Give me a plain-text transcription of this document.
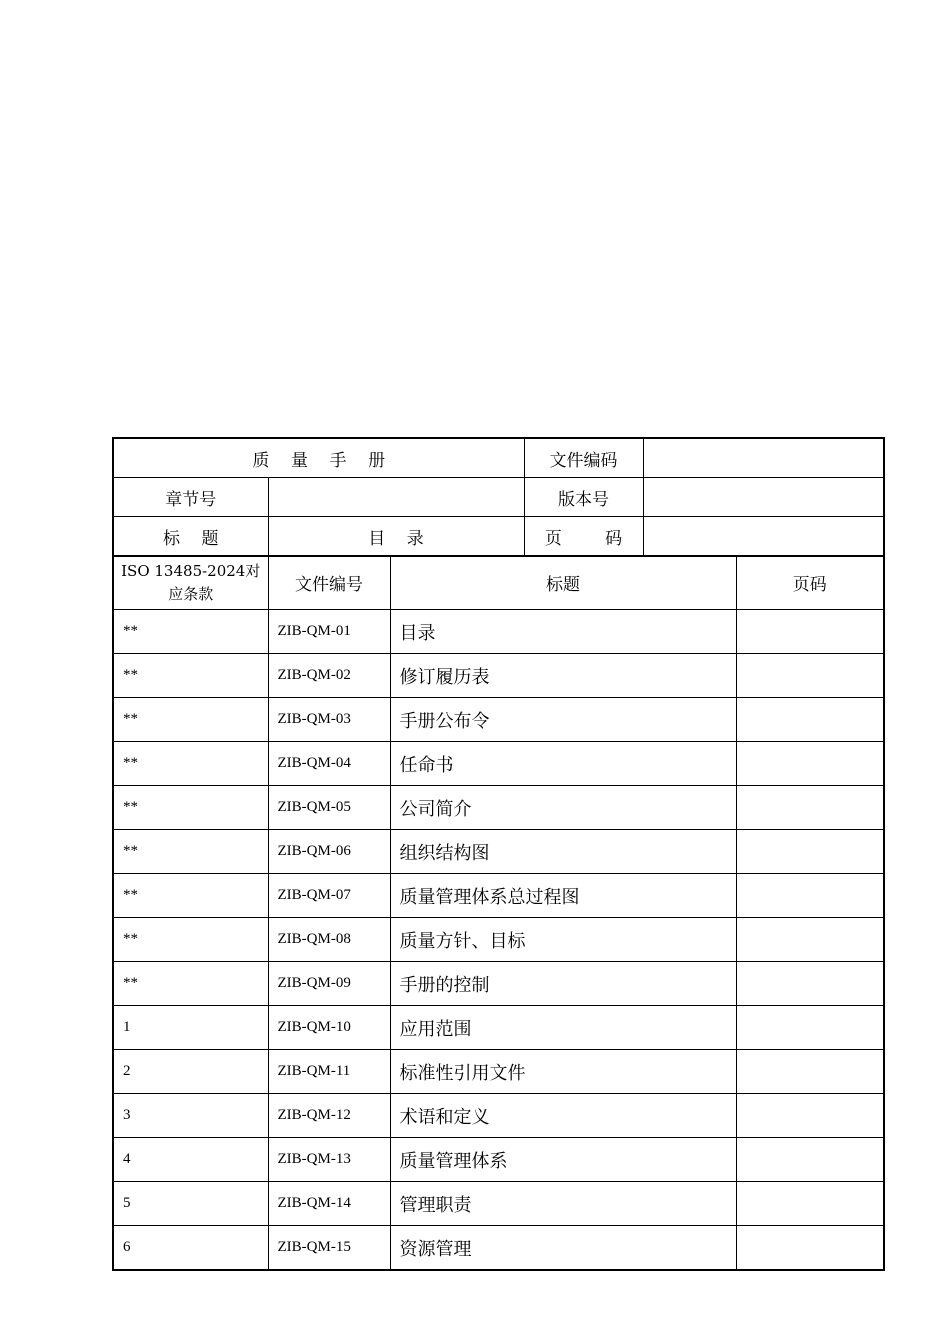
质    量    手    册		文件编码	
章节号		版本号	
标    题	目    录	页        码	
ISO 13485-2024对应条款	文件编号	标题	页码
**	ZIB-QM-01	目录	
**	ZIB-QM-02	修订履历表	
**	ZIB-QM-03	手册公布令	
**	ZIB-QM-04	任命书	
**	ZIB-QM-05	公司简介	
**	ZIB-QM-06	组织结构图	
**	ZIB-QM-07	质量管理体系总过程图	
**	ZIB-QM-08	质量方针、目标	
**	ZIB-QM-09	手册的控制	
1	ZIB-QM-10	应用范围	
2	ZIB-QM-11	标准性引用文件	
3	ZIB-QM-12	术语和定义	
4	ZIB-QM-13	质量管理体系	
5	ZIB-QM-14	管理职责	
6	ZIB-QM-15	资源管理	
